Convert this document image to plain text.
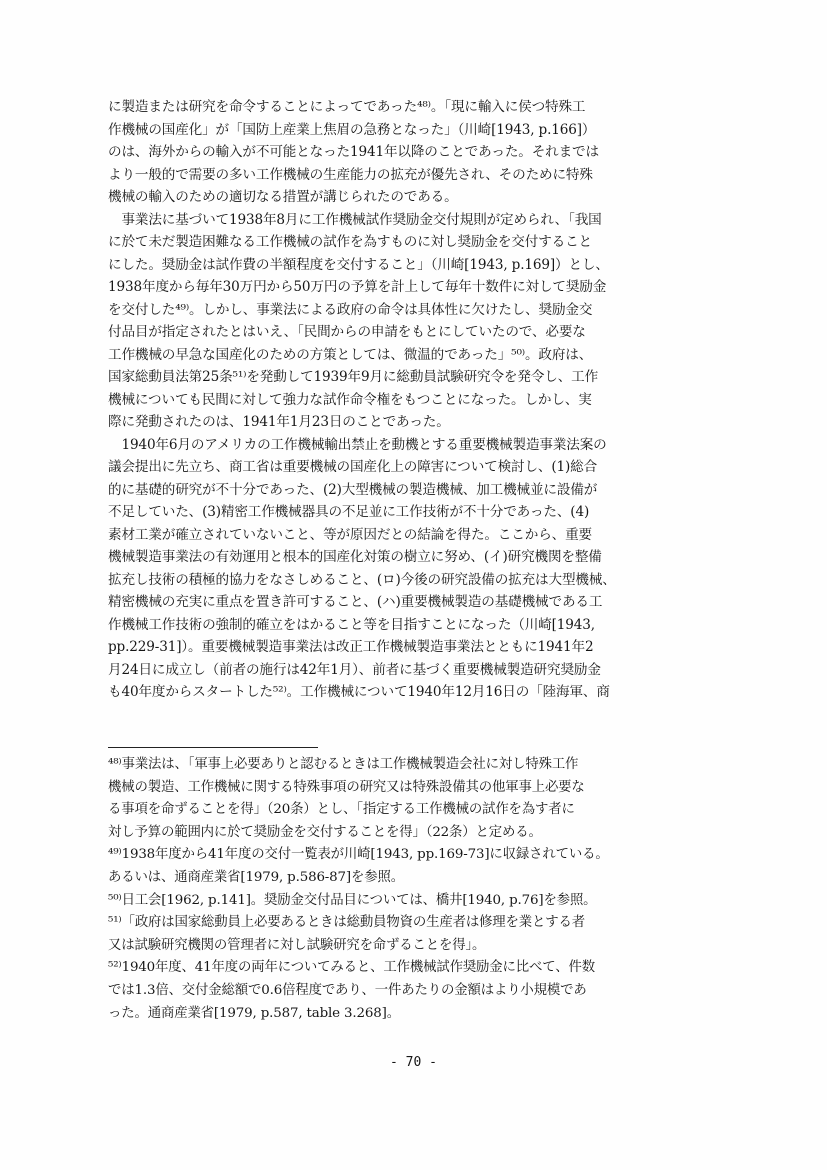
に製造または研究を命令することによってであった⁴⁸⁾。「現に輸入に侯つ特殊工
作機械の国産化」が「国防上産業上焦眉の急務となった」（川崎[1943, p.166]）
のは、海外からの輸入が不可能となった1941年以降のことであった。それまでは
より一般的で需要の多い工作機械の生産能力の拡充が優先され、そのために特殊
機械の輸入のための適切なる措置が講じられたのである。
　事業法に基づいて1938年8月に工作機械試作奨励金交付規則が定められ、「我国
に於て未だ製造困難なる工作機械の試作を為すものに対し奨励金を交付すること
にした。奨励金は試作費の半額程度を交付すること」（川崎[1943, p.169]）とし、
1938年度から毎年30万円から50万円の予算を計上して毎年十数件に対して奨励金
を交付した⁴⁹⁾。しかし、事業法による政府の命令は具体性に欠けたし、奨励金交
付品目が指定されたとはいえ、「民間からの申請をもとにしていたので、必要な
工作機械の早急な国産化のための方策としては、微温的であった」⁵⁰⁾。政府は、
国家総動員法第25条⁵¹⁾を発動して1939年9月に総動員試験研究令を発令し、工作
機械についても民間に対して強力な試作命令権をもつことになった。しかし、実
際に発動されたのは、1941年1月23日のことであった。
　1940年6月のアメリカの工作機械輸出禁止を動機とする重要機械製造事業法案の
議会提出に先立ち、商工省は重要機械の国産化上の障害について検討し、(1)総合
的に基礎的研究が不十分であった、(2)大型機械の製造機械、加工機械並に設備が
不足していた、(3)精密工作機械器具の不足並に工作技術が不十分であった、(4)
素材工業が確立されていないこと、等が原因だとの結論を得た。ここから、重要
機械製造事業法の有効運用と根本的国産化対策の樹立に努め、(イ)研究機関を整備
拡充し技術の積極的協力をなさしめること、(ロ)今後の研究設備の拡充は大型機械、
精密機械の充実に重点を置き許可すること、(ハ)重要機械製造の基礎機械である工
作機械工作技術の強制的確立をはかること等を目指すことになった（川崎[1943,
pp.229-31]）。重要機械製造事業法は改正工作機械製造事業法とともに1941年2
月24日に成立し（前者の施行は42年1月）、前者に基づく重要機械製造研究奨励金
も40年度からスタートした⁵²⁾。工作機械について1940年12月16日の「陸海軍、商
⁴⁸⁾事業法は、「軍事上必要ありと認むるときは工作機械製造会社に対し特殊工作
機械の製造、工作機械に関する特殊事項の研究又は特殊設備其の他軍事上必要な
る事項を命ずることを得」（20条）とし、「指定する工作機械の試作を為す者に
対し予算の範囲内に於て奨励金を交付することを得」（22条）と定める。
⁴⁹⁾1938年度から41年度の交付一覧表が川崎[1943, pp.169-73]に収録されている。
あるいは、通商産業省[1979, p.586-87]を参照。
⁵⁰⁾日工会[1962, p.141]。奨励金交付品目については、橋井[1940, p.76]を参照。
⁵¹⁾「政府は国家総動員上必要あるときは総動員物資の生産者は修理を業とする者
又は試験研究機関の管理者に対し試験研究を命ずることを得」。
⁵²⁾1940年度、41年度の両年についてみると、工作機械試作奨励金に比べて、件数
では1.3倍、交付金総額で0.6倍程度であり、一件あたりの金額はより小規模であ
った。通商産業省[1979, p.587, table 3.268]。
- 70 -
